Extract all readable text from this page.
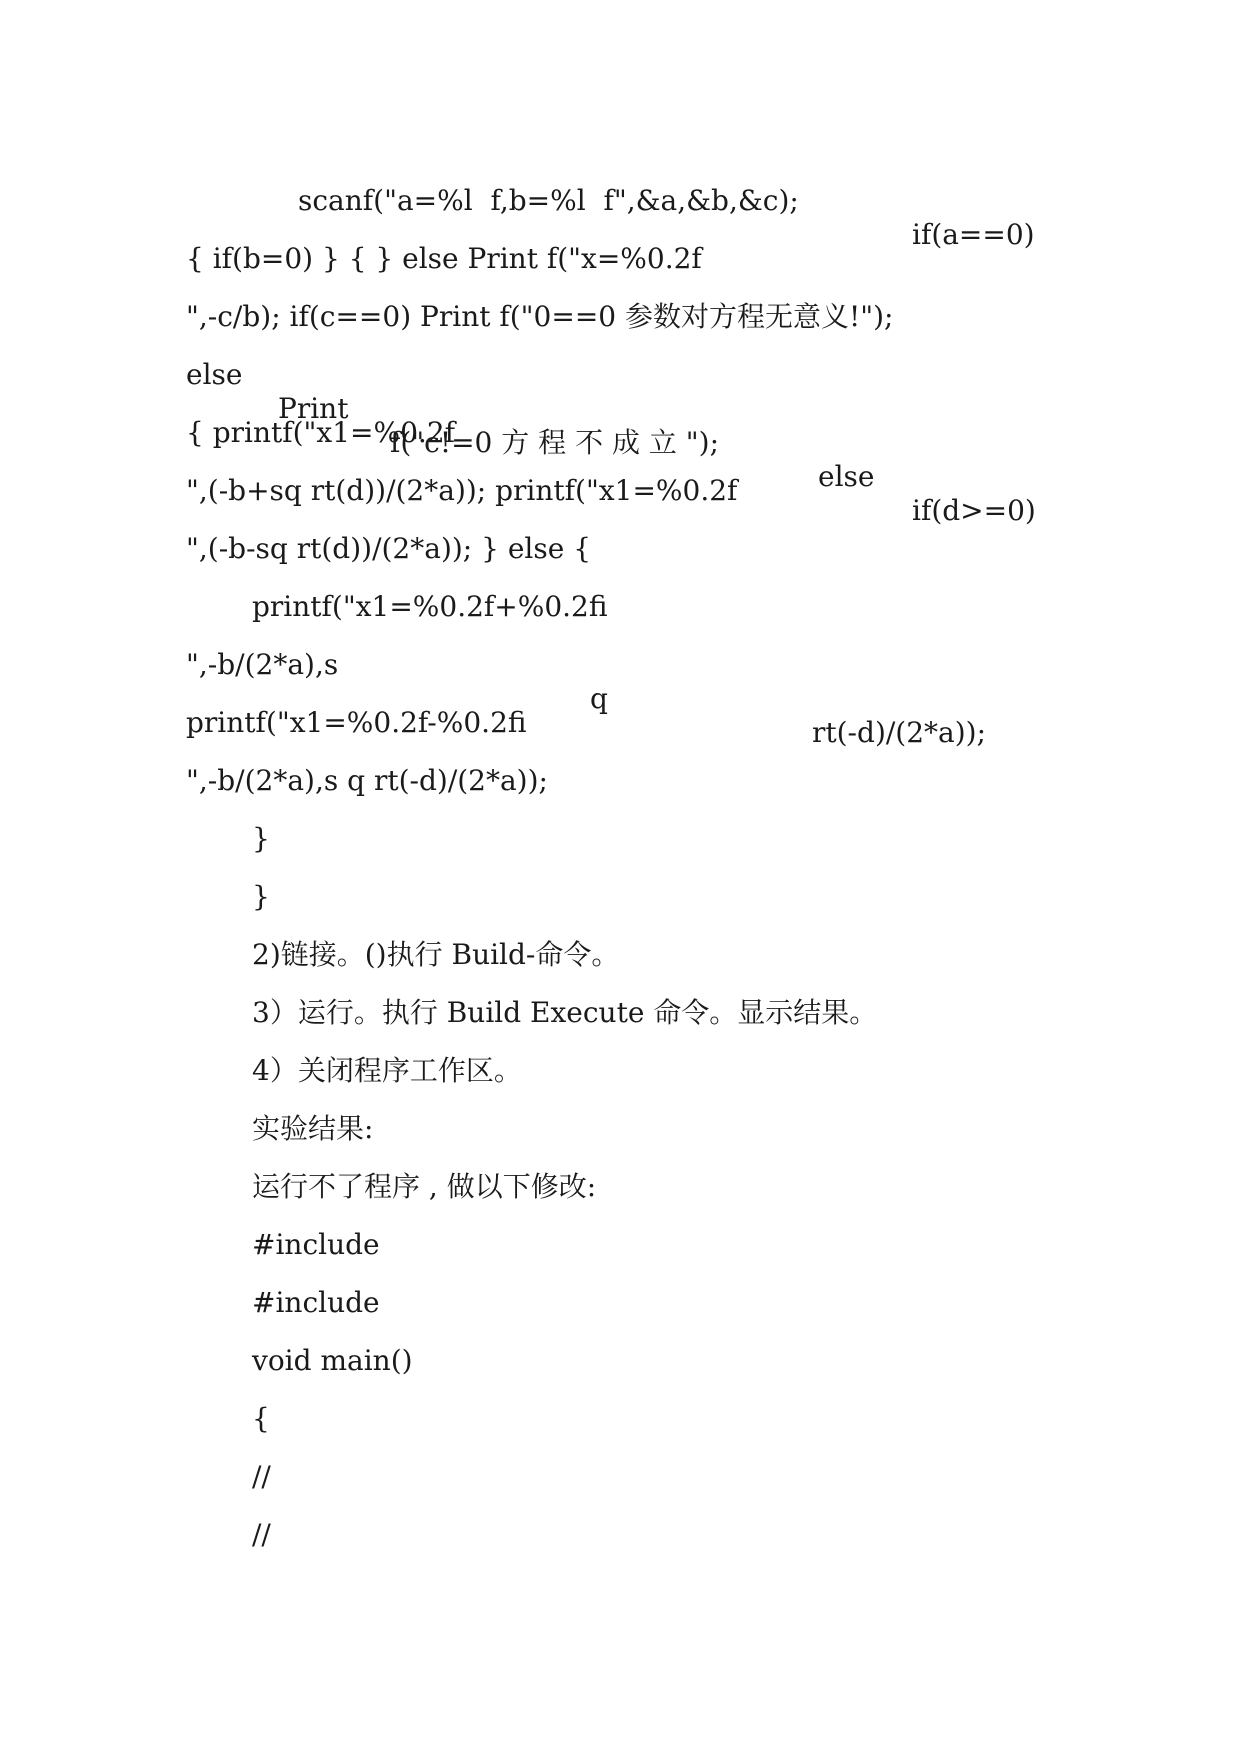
scanf("a=%l  f,b=%l  f",&a,&b,&c);

if(a==0)

{ if(b=0) } { } else Print f("x=%0.2f

",-c/b); if(c==0) Print f("0==0 参数对方程无意义!");

else

Print

f("c!=0 方 程 不 成 立 ");

else

if(d>=0)

{ printf("x1=%0.2f

",(-b+sq rt(d))/(2*a)); printf("x1=%0.2f

",(-b-sq rt(d))/(2*a)); } else {

printf("x1=%0.2f+%0.2fi

",-b/(2*a),s

q

rt(-d)/(2*a));

printf("x1=%0.2f-%0.2fi

",-b/(2*a),s q rt(-d)/(2*a));

}

}

2)链接。()执行 Build-命令。

3）运行。执行 Build Execute 命令。显示结果。

4）关闭程序工作区。

实验结果:

运行不了程序 , 做以下修改:

#include

#include

void main()

{

//

//
